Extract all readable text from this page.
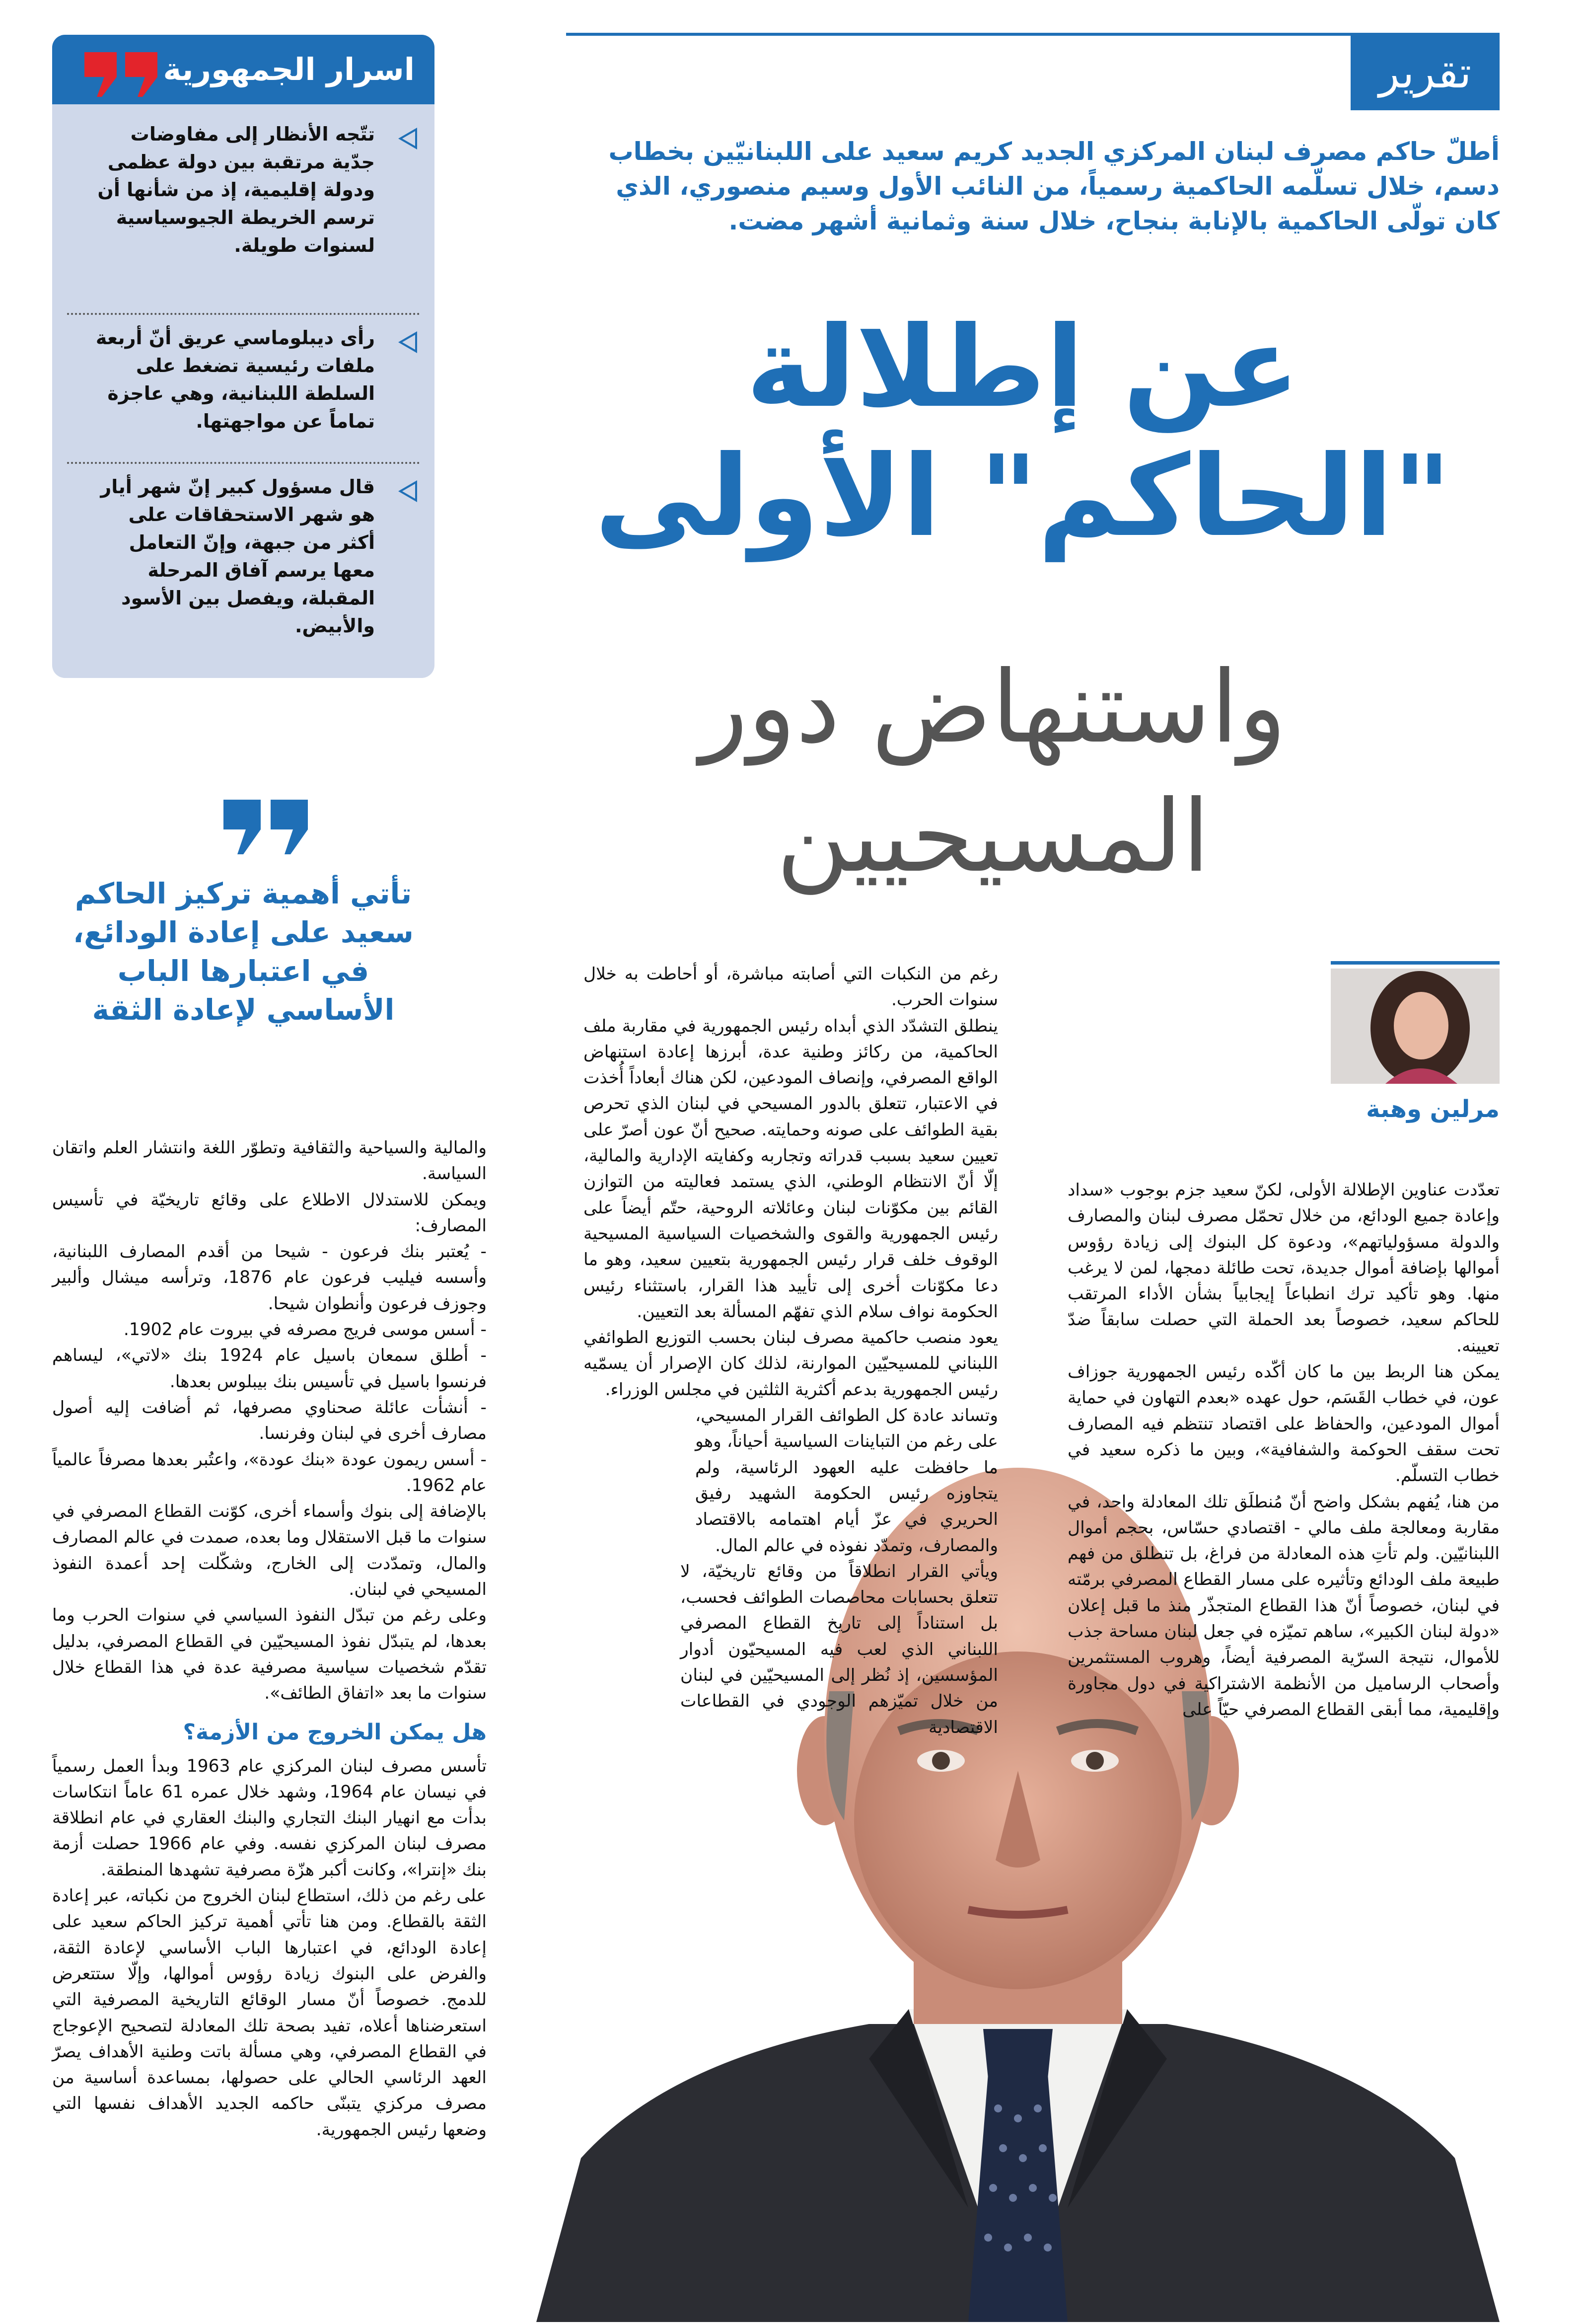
تقرير
أطلّ حاكم مصرف لبنان المركزي الجديد كريم سعيد على اللبنانيّين بخطاب دسم، خلال تسلّمه الحاكمية رسمياً، من النائب الأول وسيم منصوري، الذي كان تولّى الحاكمية بالإنابة بنجاح، خلال سنة وثمانية أشهر مضت.
عن إطلالة
"الحاكم" الأولى
واستنهاض دور
المسيحيين
اسرار الجمهورية
تتّجه الأنظار إلى مفاوضات جدّية مرتقبة بين دولة عظمى ودولة إقليمية، إذ من شأنها أن ترسم الخريطة الجيوسياسية لسنوات طويلة.
رأى ديبلوماسي عريق أنّ أربعة ملفات رئيسية تضغط على السلطة اللبنانية، وهي عاجزة تماماً عن مواجهتها.
قال مسؤول كبير إنّ شهر أيار هو شهر الاستحقاقات على أكثر من جبهة، وإنّ التعامل معها يرسم آفاق المرحلة المقبلة، ويفصل بين الأسود والأبيض.
تأتي أهمية تركيز الحاكم سعيد على إعادة الودائع، في اعتبارها الباب الأساسي لإعادة الثقة
مرلين وهبة

رغم من النكبات التي أصابته مباشرة، أو أحاطت به خلال سنوات الحرب.

ينطلق التشدّد الذي أبداه رئيس الجمهورية في مقاربة ملف الحاكمية، من ركائز وطنية عدة، أبرزها إعادة استنهاض الواقع المصرفي، وإنصاف المودعين، لكن هناك أبعاداً أُخذت في الاعتبار، تتعلق بالدور المسيحي في لبنان الذي تحرص بقية الطوائف على صونه وحمايته. صحيح أنّ عون أصرّ على تعيين سعيد بسبب قدراته وتجاربه وكفايته الإدارية والمالية، إلّا أنّ الانتظام الوطني، الذي يستمد فعاليته من التوازن القائم بين مكوّنات لبنان وعائلاته الروحية، حتّم أيضاً على رئيس الجمهورية والقوى والشخصيات السياسية المسيحية الوقوف خلف قرار رئيس الجمهورية بتعيين سعيد، وهو ما دعا مكوّنات أخرى إلى تأييد هذا القرار، باستثناء رئيس الحكومة نواف سلام الذي تفهّم المسألة بعد التعيين.

يعود منصب حاكمية مصرف لبنان بحسب التوزيع الطوائفي اللبناني للمسيحيّين الموارنة، لذلك كان الإصرار أن يسمّيه رئيس الجمهورية بدعم أكثرية الثلثين في مجلس الوزراء.

وتساند عادة كل الطوائف القرار المسيحي، على رغم من التباينات السياسية أحياناً، وهو ما حافظت عليه العهود الرئاسية، ولم يتجاوزه رئيس الحكومة الشهيد رفيق الحريري في عزّ أيام اهتمامه بالاقتصاد والمصارف، وتمدّد نفوذه في عالم المال.

ويأتي القرار انطلاقاً من وقائع تاريخيّة، لا تتعلق بحسابات محاصصات الطوائف فحسب، بل استناداً إلى تاريخ القطاع المصرفي اللبناني الذي لعب فيه المسيحيّون أدوار المؤسسين، إذ نُظر إلى المسيحيّين في لبنان من خلال تميّزهم الوجودي في القطاعات الاقتصادية

تعدّدت عناوين الإطلالة الأولى، لكنّ سعيد جزم بوجوب «سداد وإعادة جميع الودائع، من خلال تحمّل مصرف لبنان والمصارف والدولة مسؤولياتهم»، ودعوة كل البنوك إلى زيادة رؤوس أموالها بإضافة أموال جديدة، تحت طائلة دمجها، لمن لا يرغب منها. وهو تأكيد ترك انطباعاً إيجابياً بشأن الأداء المرتقب للحاكم سعيد، خصوصاً بعد الحملة التي حصلت سابقاً ضدّ تعيينه.

يمكن هنا الربط بين ما كان أكّده رئيس الجمهورية جوزاف عون، في خطاب القَسَم، حول عهده «بعدم التهاون في حماية أموال المودعين، والحفاظ على اقتصاد تنتظم فيه المصارف تحت سقف الحوكمة والشفافية»، وبين ما ذكره سعيد في خطاب التسلّم.

من هنا، يُفهم بشكل واضح أنّ مُنطلَق تلك المعادلة واحد، في مقاربة ومعالجة ملف مالي - اقتصادي حسّاس، بحجم أموال اللبنانيّين. ولم تأتِ هذه المعادلة من فراغ، بل تنطلق من فهم طبيعة ملف الودائع وتأثيره على مسار القطاع المصرفي برمّته في لبنان، خصوصاً أنّ هذا القطاع المتجذّر منذ ما قبل إعلان «دولة لبنان الكبير»، ساهم تميّزه في جعل لبنان مساحة جذب للأموال، نتيجة السرّية المصرفية أيضاً، وهروب المستثمرين وأصحاب الرساميل من الأنظمة الاشتراكية في دول مجاورة وإقليمية، مما أبقى القطاع المصرفي حيّاً على

والمالية والسياحية والثقافية وتطوّر اللغة وانتشار العلم واتقان السياسة.

ويمكن للاستدلال الاطلاع على وقائع تاريخيّة في تأسيس المصارف:

- يُعتبر بنك فرعون - شيحا من أقدم المصارف اللبنانية، وأسسه فيليب فرعون عام 1876، وترأسه ميشال وألبير وجوزف فرعون وأنطوان شيحا.

- أسس موسى فريج مصرفه في بيروت عام 1902.

- أطلق سمعان باسيل عام 1924 بنك «لاتي»، ليساهم فرنسوا باسيل في تأسيس بنك بيبلوس بعدها.

- أنشأت عائلة صحناوي مصرفها، ثم أضافت إليه أصول مصارف أخرى في لبنان وفرنسا.

- أسس ريمون عودة «بنك عودة»، واعتُبر بعدها مصرفاً عالمياً عام 1962.

بالإضافة إلى بنوك وأسماء أخرى، كوّنت القطاع المصرفي في سنوات ما قبل الاستقلال وما بعده، صمدت في عالم المصارف والمال، وتمدّدت إلى الخارج، وشكّلت إحد أعمدة النفوذ المسيحي في لبنان.

وعلى رغم من تبدّل النفوذ السياسي في سنوات الحرب وما بعدها، لم يتبدّل نفوذ المسيحيّين في القطاع المصرفي، بدليل تقدّم شخصيات سياسية مصرفية عدة في هذا القطاع خلال سنوات ما بعد «اتفاق الطائف».

هل يمكن الخروج من الأزمة؟

تأسس مصرف لبنان المركزي عام 1963 وبدأ العمل رسمياً في نيسان عام 1964، وشهد خلال عمره 61 عاماً انتكاسات بدأت مع انهيار البنك التجاري والبنك العقاري في عام انطلاقة مصرف لبنان المركزي نفسه. وفي عام 1966 حصلت أزمة بنك «إنترا»، وكانت أكبر هزّة مصرفية تشهدها المنطقة.

على رغم من ذلك، استطاع لبنان الخروج من نكباته، عبر إعادة الثقة بالقطاع. ومن هنا تأتي أهمية تركيز الحاكم سعيد على إعادة الودائع، في اعتبارها الباب الأساسي لإعادة الثقة، والفرض على البنوك زيادة رؤوس أموالها، وإلّا ستتعرض للدمج. خصوصاً أنّ مسار الوقائع التاريخية المصرفية التي استعرضناها أعلاه، تفيد بصحة تلك المعادلة لتصحيح الإعوجاج في القطاع المصرفي، وهي مسألة باتت وطنية الأهداف يصرّ العهد الرئاسي الحالي على حصولها، بمساعدة أساسية من مصرف مركزي يتبنّى حاكمه الجديد الأهداف نفسها التي وضعها رئيس الجمهورية.
